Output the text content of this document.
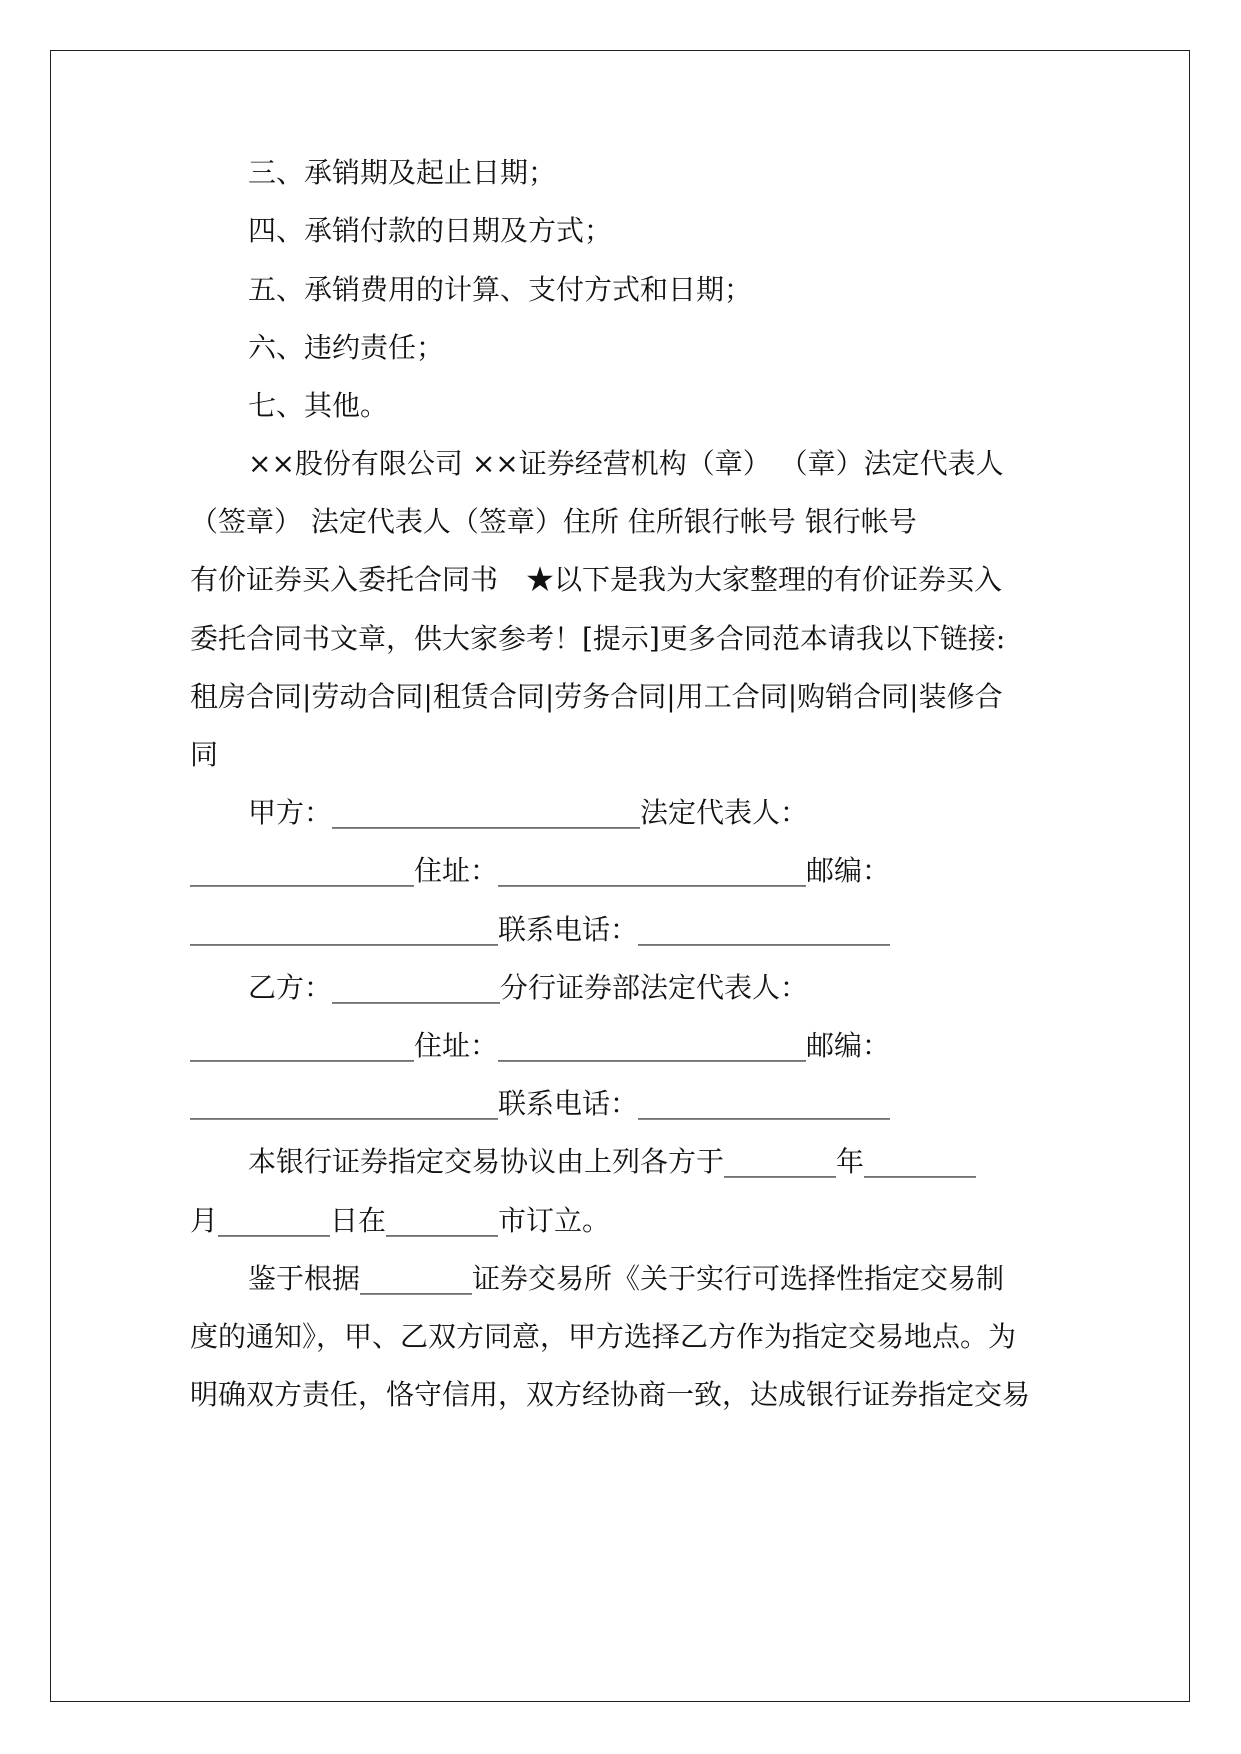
三、承销期及起止日期；
四、承销付款的日期及方式；
五、承销费用的计算、支付方式和日期；
六、违约责任；
七、其他。
××股份有限公司 ××证券经营机构（章） （章）法定代表人
（签章） 法定代表人（签章）住所 住所银行帐号 银行帐号
有价证券买入委托合同书　★以下是我为大家整理的有价证券买入
委托合同书文章，供大家参考！[提示]更多合同范本请我以下链接:
租房合同|劳动合同|租赁合同|劳务合同|用工合同|购销合同|装修合
同
甲方：______________________法定代表人：
________________住址：______________________邮编：
______________________联系电话：__________________
乙方：____________分行证券部法定代表人：
________________住址：______________________邮编：
______________________联系电话：__________________
本银行证券指定交易协议由上列各方于________年________
月________日在________市订立。
鉴于根据________证券交易所《关于实行可选择性指定交易制
度的通知》，甲、乙双方同意，甲方选择乙方作为指定交易地点。为
明确双方责任，恪守信用，双方经协商一致，达成银行证券指定交易
